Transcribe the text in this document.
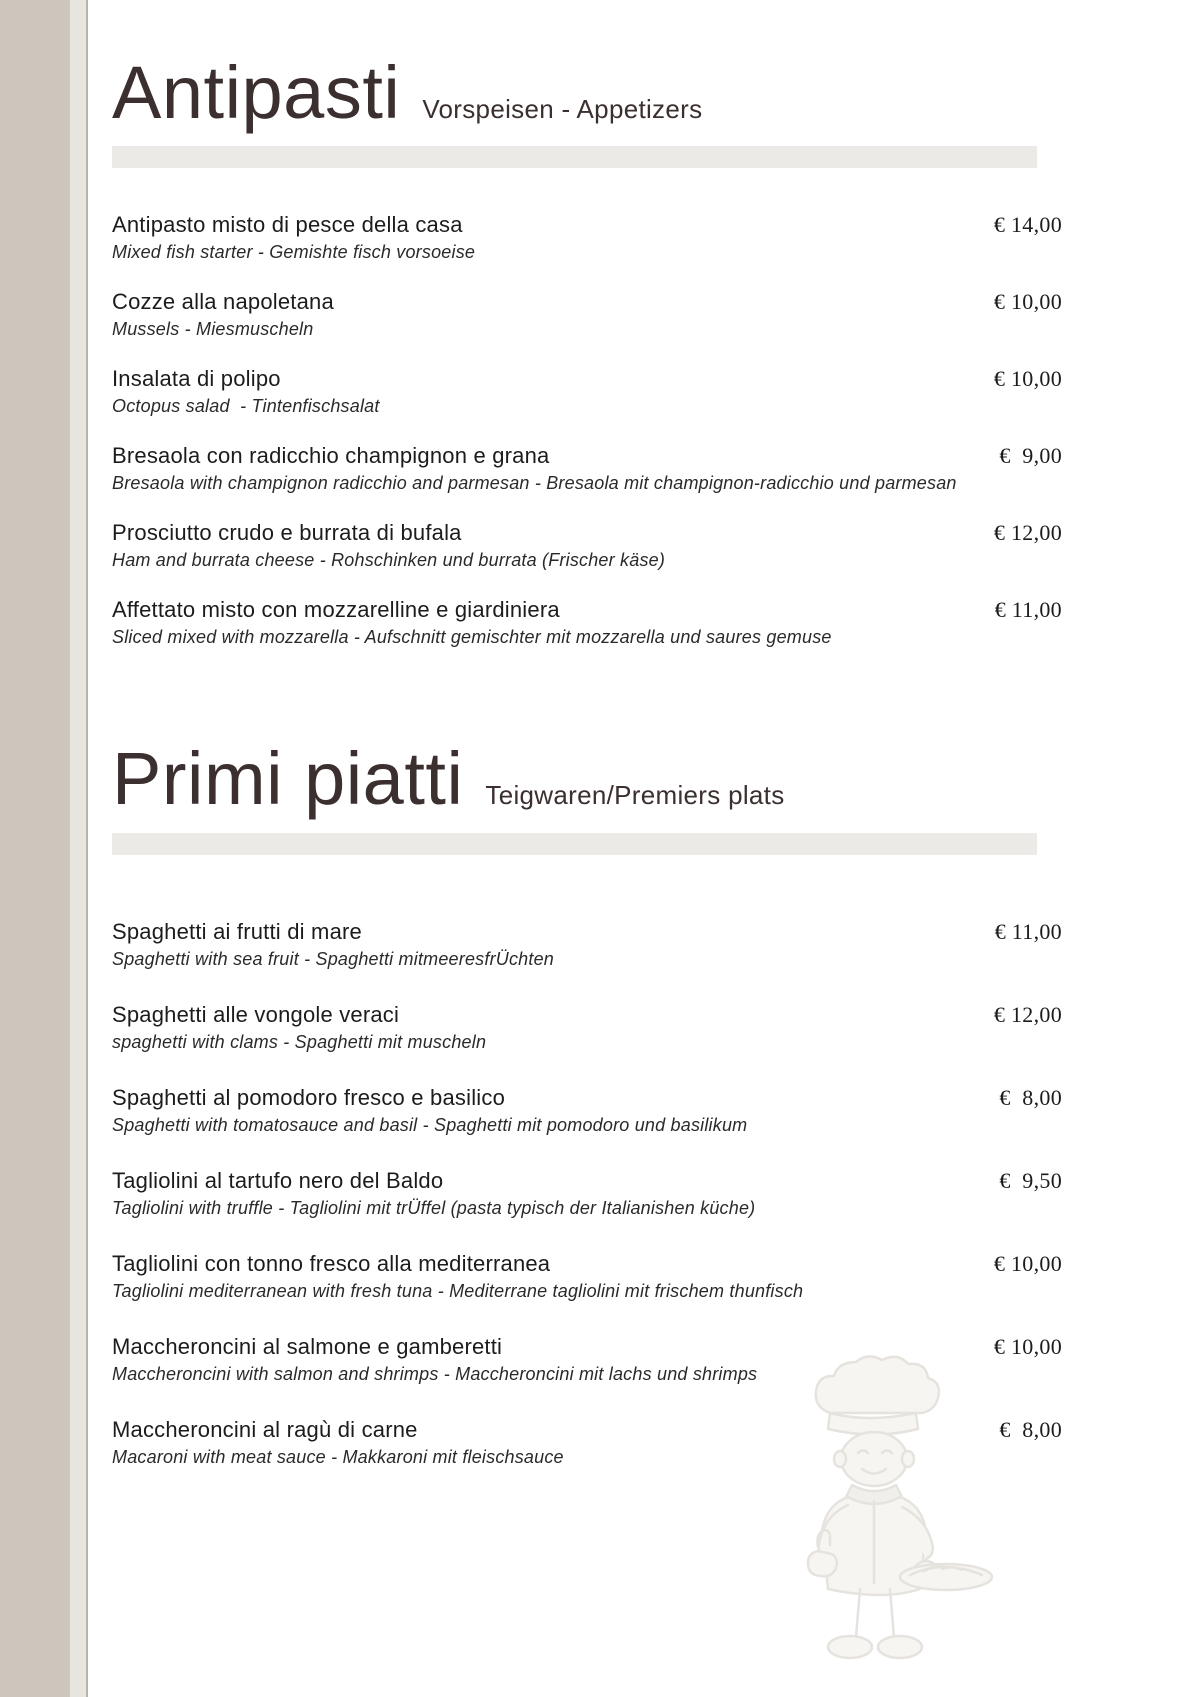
Antipasti Vorspeisen - Appetizers
Antipasto misto di pesce della casa	€ 14,00
Mixed fish starter - Gemishte fisch vorsoeise
Cozze alla napoletana	€ 10,00
Mussels - Miesmuscheln
Insalata di polipo	€ 10,00
Octopus salad  - Tintenfischsalat
Bresaola con radicchio champignon e grana	€  9,00
Bresaola with champignon radicchio and parmesan - Bresaola mit champignon-radicchio und parmesan
Prosciutto crudo e burrata di bufala	€ 12,00
Ham and burrata cheese - Rohschinken und burrata (Frischer käse)
Affettato misto con mozzarelline e giardiniera	€ 11,00
Sliced mixed with mozzarella - Aufschnitt gemischter mit mozzarella und saures gemuse
Primi piatti Teigwaren/Premiers plats
Spaghetti ai frutti di mare	€ 11,00
Spaghetti with sea fruit - Spaghetti mitmeeresfrÜchten
Spaghetti alle vongole veraci	€ 12,00
spaghetti with clams - Spaghetti mit muscheln
Spaghetti al pomodoro fresco e basilico	€  8,00
Spaghetti with tomatosauce and basil - Spaghetti mit pomodoro und basilikum
Tagliolini al tartufo nero del Baldo	€  9,50
Tagliolini with truffle - Tagliolini mit trÜffel (pasta typisch der Italianishen küche)
Tagliolini con tonno fresco alla mediterranea	€ 10,00
Tagliolini mediterranean with fresh tuna - Mediterrane tagliolini mit frischem thunfisch
Maccheroncini al salmone e gamberetti	€ 10,00
Maccheroncini with salmon and shrimps - Maccheroncini mit lachs und shrimps
Maccheroncini al ragù di carne	€  8,00
Macaroni with meat sauce - Makkaroni mit fleischsauce
